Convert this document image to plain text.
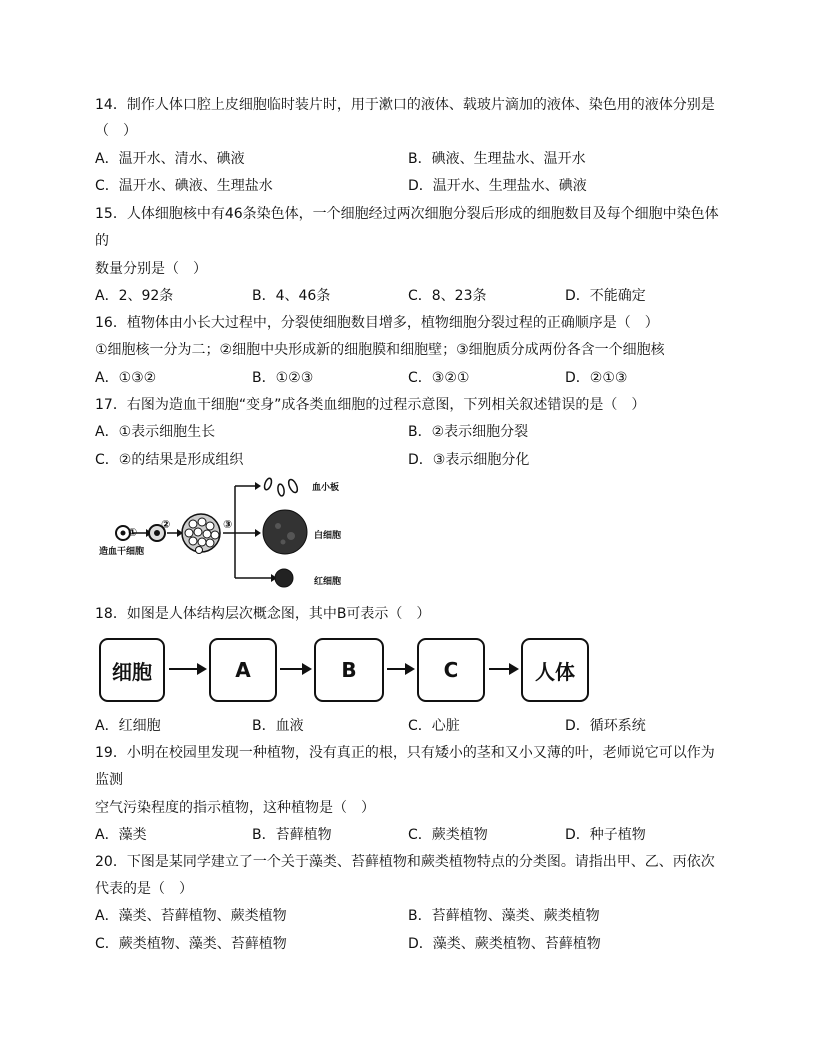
14．制作人体口腔上皮细胞临时装片时，用于漱口的液体、载玻片滴加的液体、染色用的液体分别是
（　）
A．温开水、清水、碘液	B．碘液、生理盐水、温开水
C．温开水、碘液、生理盐水	D．温开水、生理盐水、碘液
15．人体细胞核中有46条染色体，一个细胞经过两次细胞分裂后形成的细胞数目及每个细胞中染色体
的
数量分别是（　）
A．2、92条	B．4、46条	C．8、23条	D．不能确定
16．植物体由小长大过程中，分裂使细胞数目增多，植物细胞分裂过程的正确顺序是（　）
①细胞核一分为二；②细胞中央形成新的细胞膜和细胞壁；③细胞质分成两份各含一个细胞核
A．①③②	B．①②③	C．③②①	D．②①③
17．右图为造血干细胞“变身”成各类血细胞的过程示意图，下列相关叙述错误的是（　）
A．①表示细胞生长	B．②表示细胞分裂
C．②的结果是形成组织	D．③表示细胞分化
造血干细胞
①
②	③
血小板
白细胞
红细胞
18．如图是人体结构层次概念图，其中B可表示（　）
细胞	A	B	C	人体
A．红细胞	B．血液	C．心脏	D．循环系统
19．小明在校园里发现一种植物，没有真正的根，只有矮小的茎和又小又薄的叶，老师说它可以作为
监测
空气污染程度的指示植物，这种植物是（　）
A．藻类	B．苔藓植物	C．蕨类植物	D．种子植物
20．下图是某同学建立了一个关于藻类、苔藓植物和蕨类植物特点的分类图。请指出甲、乙、丙依次
代表的是（　）
A．藻类、苔藓植物、蕨类植物	B．苔藓植物、藻类、蕨类植物
C．蕨类植物、藻类、苔藓植物	D．藻类、蕨类植物、苔藓植物
